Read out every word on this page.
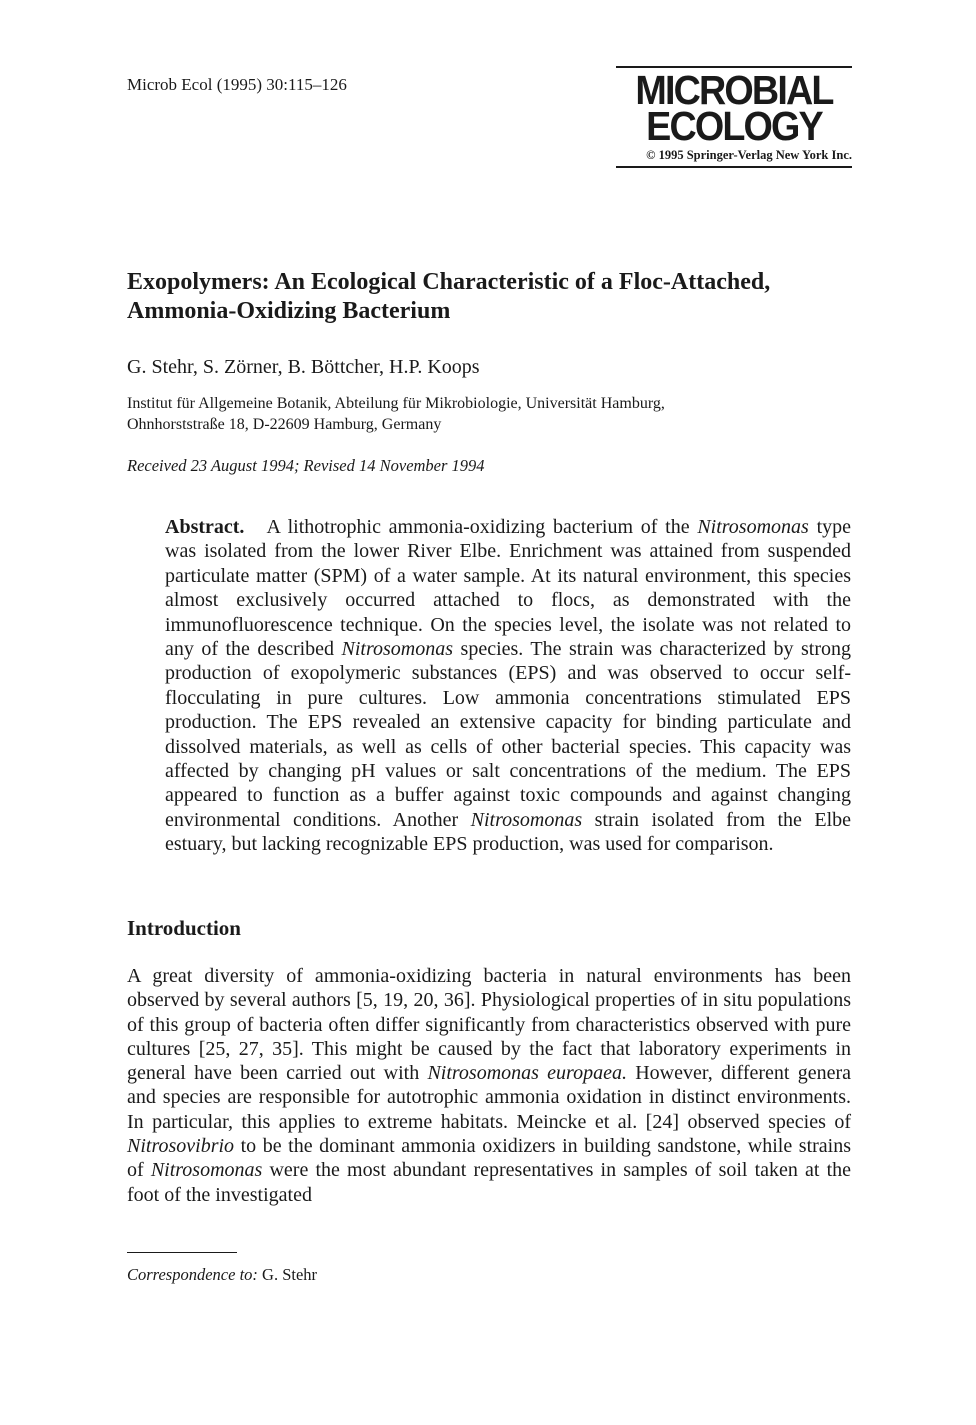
Microb Ecol (1995) 30:115–126	MICROBIAL
ECOLOGY
© 1995 Springer-Verlag New York Inc.
Exopolymers: An Ecological Characteristic of a Floc-Attached, Ammonia-Oxidizing Bacterium
G. Stehr, S. Zörner, B. Böttcher, H.P. Koops
Institut für Allgemeine Botanik, Abteilung für Mikrobiologie, Universität Hamburg,
Ohnhorststraße 18, D-22609 Hamburg, Germany
Received 23 August 1994; Revised 14 November 1994
Abstract. A lithotrophic ammonia-oxidizing bacterium of the Nitrosomonas type was isolated from the lower River Elbe. Enrichment was attained from suspended particulate matter (SPM) of a water sample. At its natural environment, this species almost exclusively occurred attached to flocs, as demonstrated with the immunofluorescence technique. On the species level, the isolate was not related to any of the described Nitrosomonas species. The strain was characterized by strong production of exopolymeric substances (EPS) and was observed to occur self-flocculating in pure cultures. Low ammonia concentrations stimulated EPS production. The EPS revealed an extensive capacity for binding particulate and dissolved materials, as well as cells of other bacterial species. This capacity was affected by changing pH values or salt concentrations of the medium. The EPS appeared to function as a buffer against toxic compounds and against changing environmental conditions. Another Nitrosomonas strain isolated from the Elbe estuary, but lacking recognizable EPS production, was used for comparison.
Introduction
A great diversity of ammonia-oxidizing bacteria in natural environments has been observed by several authors [5, 19, 20, 36]. Physiological properties of in situ populations of this group of bacteria often differ significantly from characteristics observed with pure cultures [25, 27, 35]. This might be caused by the fact that laboratory experiments in general have been carried out with Nitrosomonas europaea. However, different genera and species are responsible for autotrophic ammonia oxidation in distinct environments. In particular, this applies to extreme habitats. Meincke et al. [24] observed species of Nitrosovibrio to be the dominant ammonia oxidizers in building sandstone, while strains of Nitrosomonas were the most abundant representatives in samples of soil taken at the foot of the investigated
Correspondence to: G. Stehr
